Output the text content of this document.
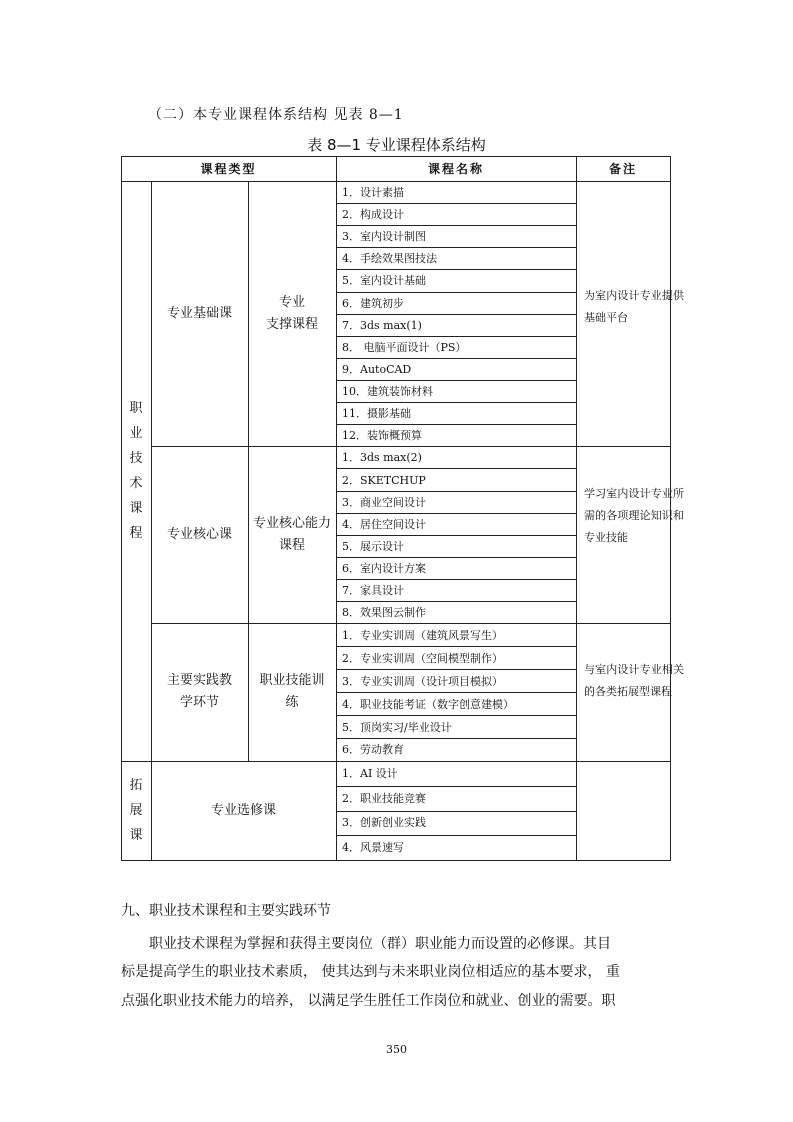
（二）本专业课程体系结构 见表 8—1
表 8—1 专业课程体系结构
课程类型	课程名称	备注
职业技术课程
拓展课
专业基础课
专业
支撑课程
1．设计素描
2．构成设计
3．室内设计制图
4．手绘效果图技法
5．室内设计基础
6．建筑初步
7．3ds max(1)
8． 电脑平面设计（PS）
9．AutoCAD
10．建筑装饰材料
11．摄影基础
12．装饰概预算
为室内设计专业提供基础平台
专业核心课
专业核心能力
课程
1．3ds max(2)
2．SKETCHUP
3．商业空间设计
4．居住空间设计
5．展示设计
6．室内设计方案
7．家具设计
8．效果图云制作
学习室内设计专业所需的各项理论知识和专业技能
主要实践教
学环节
职业技能训
练
1．专业实训周（建筑风景写生）
2．专业实训周（空间模型制作）
3．专业实训周（设计项目模拟）
4．职业技能考证（数字创意建模）
5．顶岗实习/毕业设计
6．劳动教育
与室内设计专业相关的各类拓展型课程
专业选修课
1．AI 设计
2．职业技能竞赛
3．创新创业实践
4．风景速写
九、职业技术课程和主要实践环节
职业技术课程为掌握和获得主要岗位（群）职业能力而设置的必修课。其目
标是提高学生的职业技术素质， 使其达到与未来职业岗位相适应的基本要求， 重
点强化职业技术能力的培养， 以满足学生胜任工作岗位和就业、创业的需要。职
350
